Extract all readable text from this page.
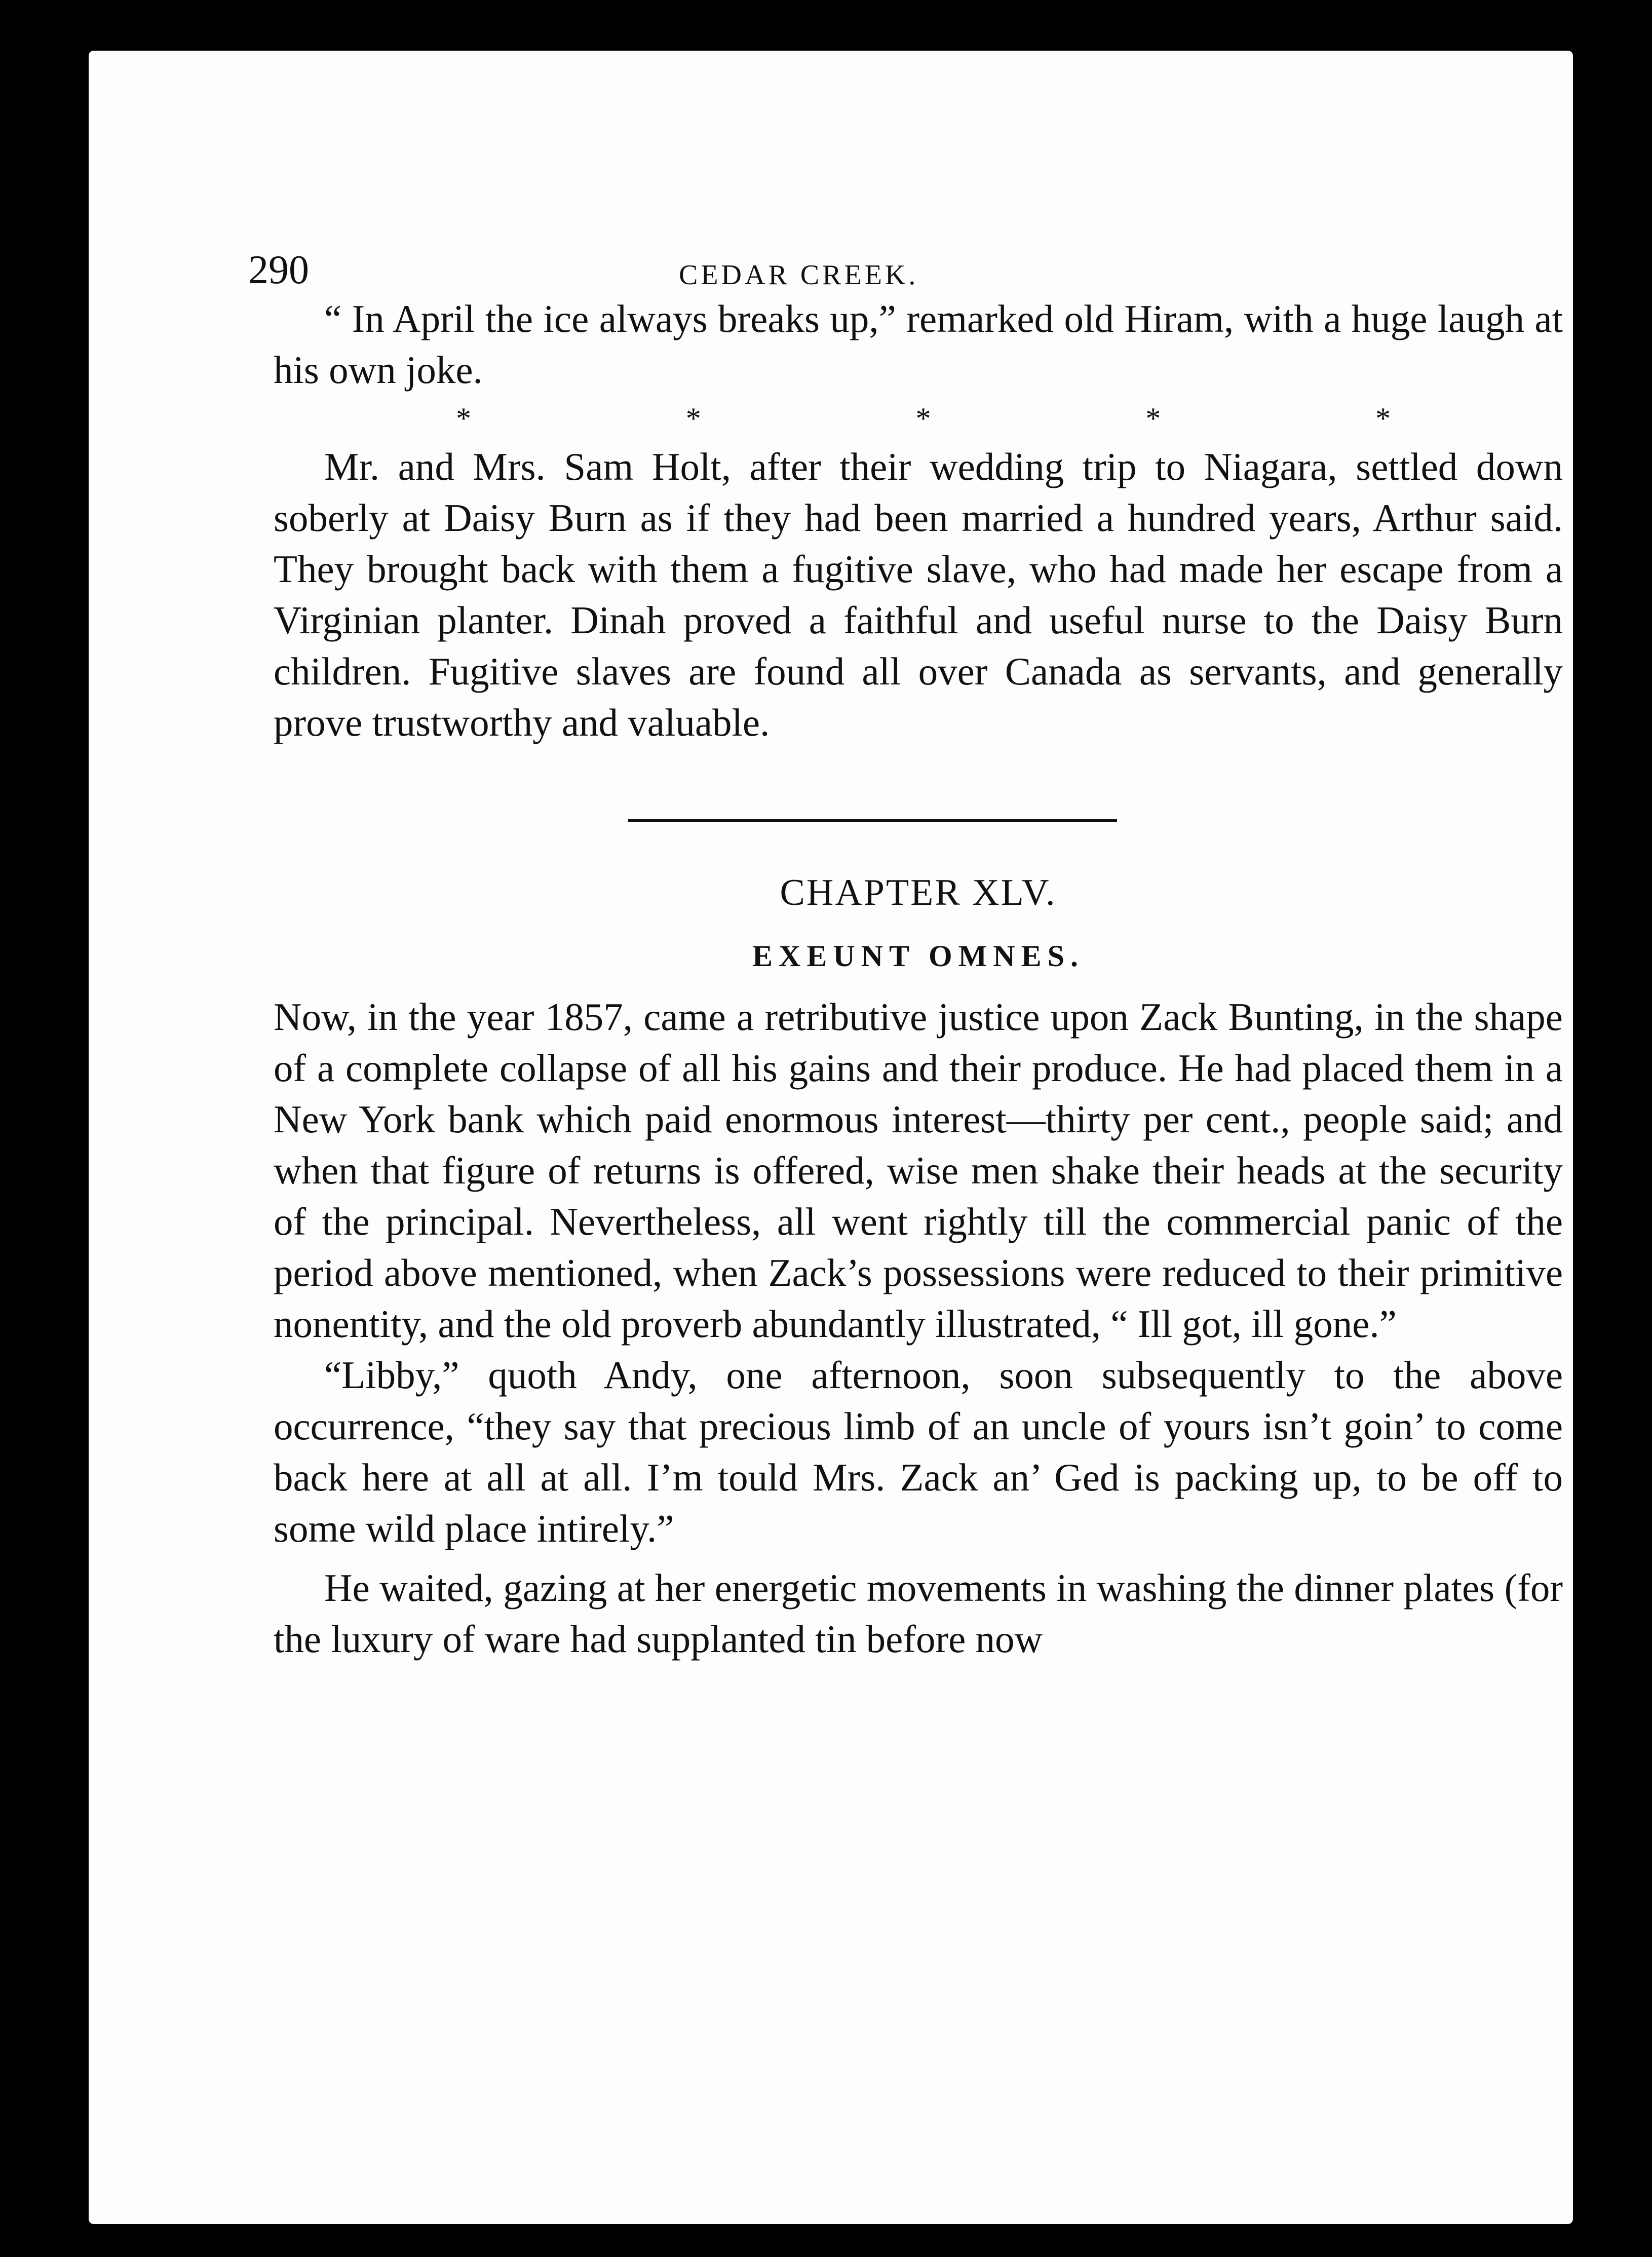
290	CEDAR CREEK.

“ In April the ice always breaks up,” remarked old Hiram, with a huge laugh at his own joke.

*	*	*	*	*

Mr. and Mrs. Sam Holt, after their wedding trip to Niagara, settled down soberly at Daisy Burn as if they had been married a hundred years, Arthur said. They brought back with them a fugitive slave, who had made her escape from a Virginian planter. Dinah proved a faithful and useful nurse to the Daisy Burn children. Fugitive slaves are found all over Canada as servants, and generally prove trustworthy and valuable.

CHAPTER XLV.
EXEUNT OMNES.

Now, in the year 1857, came a retributive justice upon Zack Bunting, in the shape of a complete collapse of all his gains and their produce. He had placed them in a New York bank which paid enormous interest—thirty per cent., people said; and when that figure of returns is offered, wise men shake their heads at the security of the principal. Nevertheless, all went rightly till the commercial panic of the period above mentioned, when Zack’s possessions were reduced to their primitive nonentity, and the old proverb abundantly illustrated, “ Ill got, ill gone.”

“Libby,” quoth Andy, one afternoon, soon subsequently to the above occurrence, “they say that precious limb of an uncle of yours isn’t goin’ to come back here at all at all. I’m tould Mrs. Zack an’ Ged is packing up, to be off to some wild place intirely.”

He waited, gazing at her energetic movements in washing the dinner plates (for the luxury of ware had supplanted tin before now
